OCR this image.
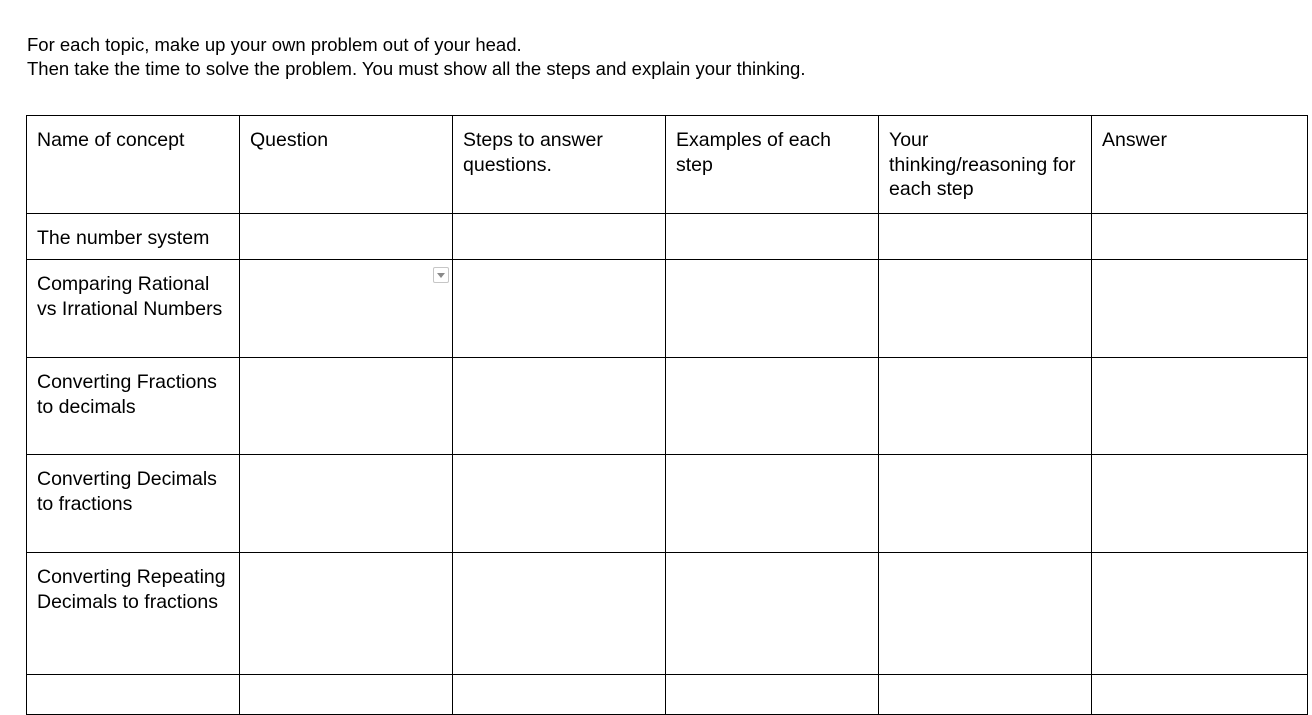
For each topic, make up your own problem out of your head.

Then take the time to solve the problem. You must show all the steps and explain your thinking.

Name of concept	Question	Steps to answer questions.	Examples of each step	Your thinking/reasoning for each step	Answer
The number system					
Comparing Rational vs Irrational Numbers	

Converting Fractions to decimals					
Converting Decimals to fractions					
Converting Repeating Decimals to fractions					
